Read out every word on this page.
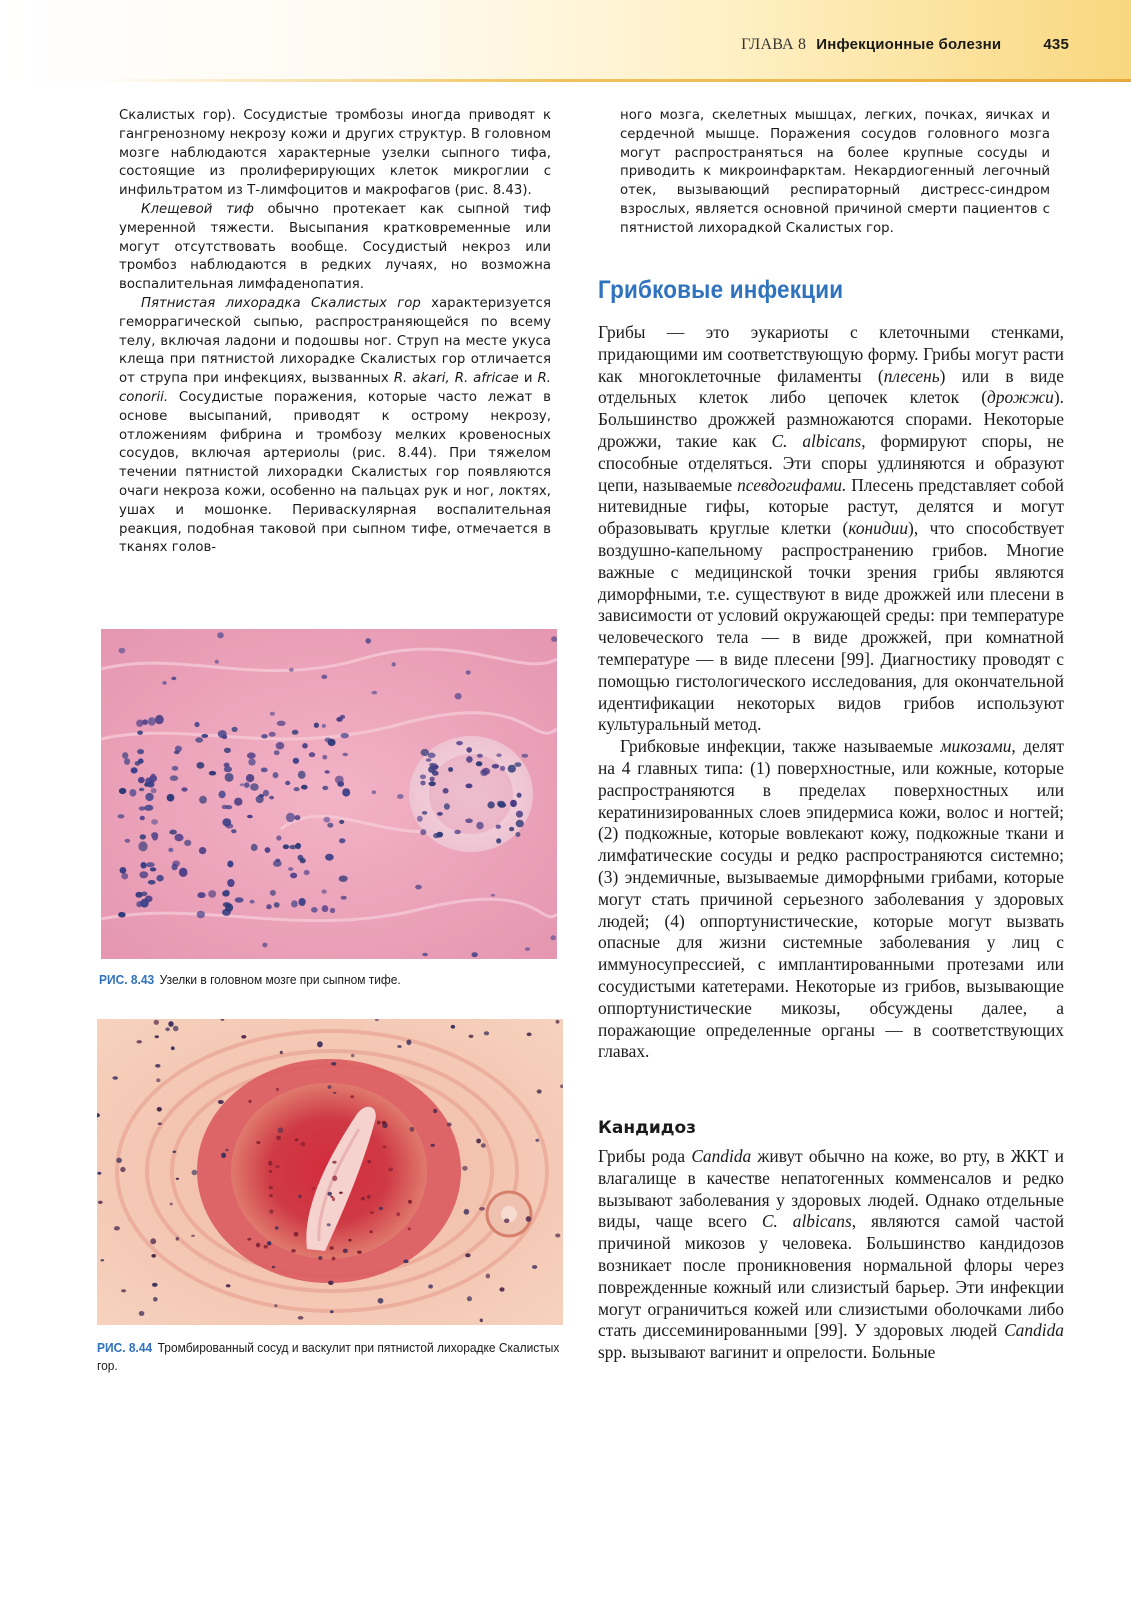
ГЛАВА 8 Инфекционные болезни	435

Скалистых гор). Сосудистые тромбозы иногда приводят к гангренозному некрозу кожи и других структур. В головном мозге наблюдаются характерные узелки сыпного тифа, состоящие из пролиферирующих клеток микроглии с инфильтратом из Т-лимфоцитов и макрофагов (рис. 8.43).

Клещевой тиф обычно протекает как сыпной тиф умеренной тяжести. Высыпания кратковременные или могут отсутствовать вообще. Сосудистый некроз или тромбоз наблюдаются в редких лучаях, но возможна воспалительная лимфаденопатия.

Пятнистая лихорадка Скалистых гор характеризуется геморрагической сыпью, распространяющейся по всему телу, включая ладони и подошвы ног. Струп на месте укуса клеща при пятнистой лихорадке Скалистых гор отличается от струпа при инфекциях, вызванных R. akari, R. africae и R. conorii. Сосудистые поражения, которые часто лежат в основе высыпаний, приводят к острому некрозу, отложениям фибрина и тромбозу мелких кровеносных сосудов, включая артериолы (рис. 8.44). При тяжелом течении пятнистой лихорадки Скалистых гор появляются очаги некроза кожи, особенно на пальцах рук и ног, локтях, ушах и мошонке. Периваскулярная воспалительная реакция, подобная таковой при сыпном тифе, отмечается в тканях голов-

ного мозга, скелетных мышцах, легких, почках, яичках и сердечной мышце. Поражения сосудов головного мозга могут распространяться на более крупные сосуды и приводить к микроинфарктам. Некардиогенный легочный отек, вызывающий респираторный дистресс-синдром взрослых, является основной причиной смерти пациентов с пятнистой лихорадкой Скалистых гор.

Грибковые инфекции

Грибы — это эукариоты с клеточными стенками, придающими им соответствующую форму. Грибы могут расти как многоклеточные филаменты (плесень) или в виде отдельных клеток либо цепочек клеток (дрожжи). Большинство дрожжей размножаются спорами. Некоторые дрожжи, такие как C. albicans, формируют споры, не способные отделяться. Эти споры удлиняются и образуют цепи, называемые псевдогифами. Плесень представляет собой нитевидные гифы, которые растут, делятся и могут образовывать круглые клетки (конидии), что способствует воздушно-капельному распространению грибов. Многие важные с медицинской точки зрения грибы являются диморфными, т.е. существуют в виде дрожжей или плесени в зависимости от условий окружающей среды: при температуре человеческого тела — в виде дрожжей, при комнатной температуре — в виде плесени [99]. Диагностику проводят с помощью гистологического исследования, для окончательной идентификации некоторых видов грибов используют культуральный метод.

Грибковые инфекции, также называемые микозами, делят на 4 главных типа: (1) поверхностные, или кожные, которые распространяются в пределах поверхностных или кератинизированных слоев эпидермиса кожи, волос и ногтей; (2) подкожные, которые вовлекают кожу, подкожные ткани и лимфатические сосуды и редко распространяются системно; (3) эндемичные, вызываемые диморфными грибами, которые могут стать причиной серьезного заболевания у здоровых людей; (4) оппортунистические, которые могут вызвать опасные для жизни системные заболевания у лиц с иммуносупрессией, с имплантированными протезами или сосудистыми катетерами. Некоторые из грибов, вызывающие оппортунистические микозы, обсуждены далее, а поражающие определенные органы — в соответствующих главах.

Кандидоз

Грибы рода Candida живут обычно на коже, во рту, в ЖКТ и влагалище в качестве непатогенных комменсалов и редко вызывают заболевания у здоровых людей. Однако отдельные виды, чаще всего C. albicans, являются самой частой причиной микозов у человека. Большинство кандидозов возникает после проникновения нормальной флоры через поврежденные кожный или слизистый барьер. Эти инфекции могут ограничиться кожей или слизистыми оболочками либо стать диссеминированными [99]. У здоровых людей Candida spp. вызывают вагинит и опрелости. Больные

РИС. 8.43 Узелки в головном мозге при сыпном тифе.
РИС. 8.44 Тромбированный сосуд и васкулит при пятнистой лихорадке Скалистых гор.
